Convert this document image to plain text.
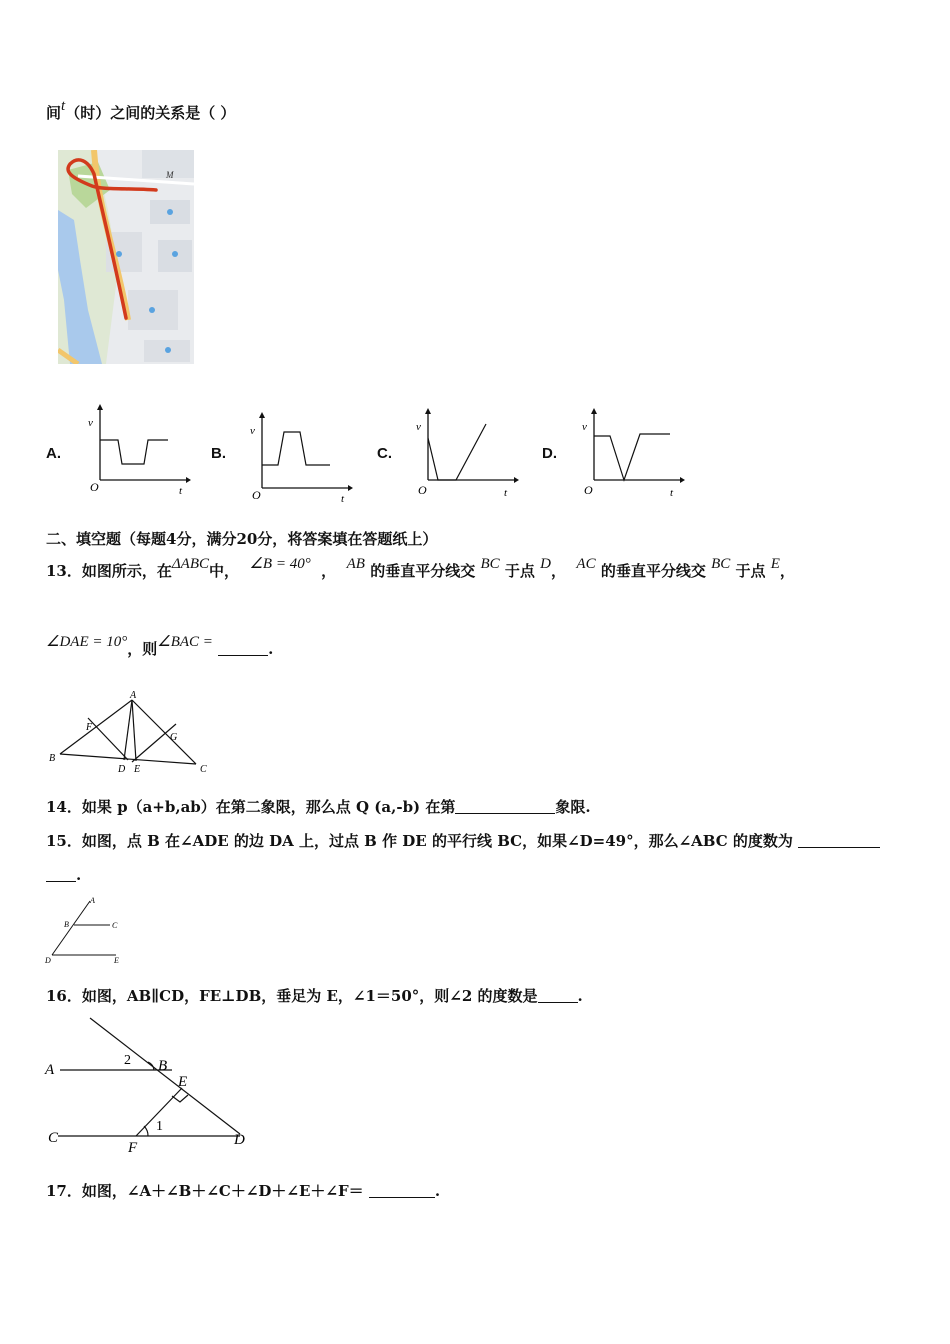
间t（时）之间的关系是（ ）
M
A.
v
t
O
B.
v
t
O
C.
v
t
O
D.
v
t
O
二、填空题（每题4分，满分20分，将答案填在答题纸上）
13．如图所示，在ΔABC中， ∠B = 40° ， AB 的垂直平分线交 BC 于点 D， AC 的垂直平分线交 BC 于点 E，
∠DAE = 10°，则∠BAC =	.
A
B
C
D E
F
G
14．如果 p（a+b,ab）在第二象限，那么点 Q (a,-b) 在第	象限.
15．如图，点 B 在∠ADE 的边 DA 上，过点 B 作 DE 的平行线 BC，如果∠D=49°，那么∠ABC 的度数为
.
A
B	C
D	E
16．如图，AB∥CD，FE⊥DB，垂足为 E，∠1＝50°，则∠2 的度数是	.
A	B
C	D
E
F
1
2
17．如图，∠A＋∠B＋∠C＋∠D＋∠E＋∠F＝	.
